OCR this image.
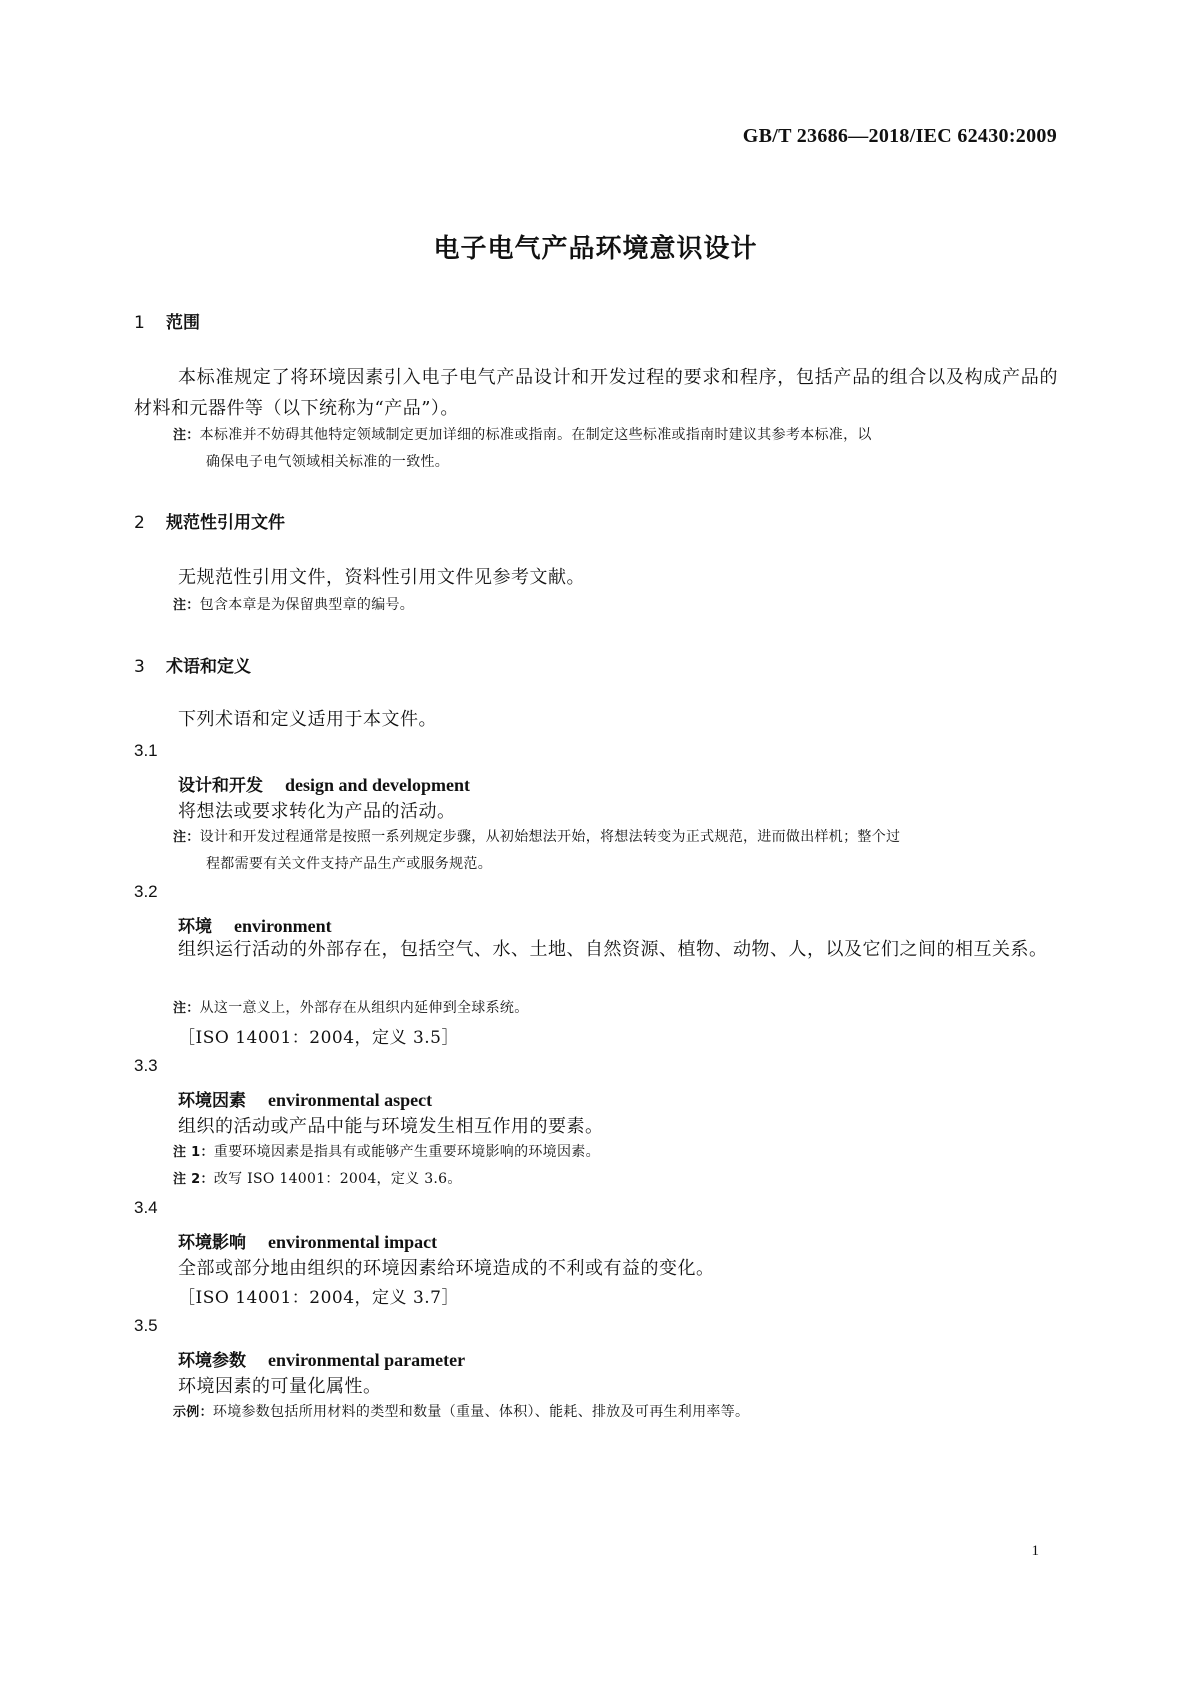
GB/T 23686—2018/IEC 62430:2009
电子电气产品环境意识设计
1 范围
本标准规定了将环境因素引入电子电气产品设计和开发过程的要求和程序，包括产品的组合以及构成产品的材料和元器件等（以下统称为“产品”）。
注：本标准并不妨碍其他特定领域制定更加详细的标准或指南。在制定这些标准或指南时建议其参考本标准，以
确保电子电气领域相关标准的一致性。
2 规范性引用文件
无规范性引用文件，资料性引用文件见参考文献。
注：包含本章是为保留典型章的编号。
3 术语和定义
下列术语和定义适用于本文件。
3.1
设计和开发 design and development
将想法或要求转化为产品的活动。
注：设计和开发过程通常是按照一系列规定步骤，从初始想法开始，将想法转变为正式规范，进而做出样机；整个过
程都需要有关文件支持产品生产或服务规范。
3.2
环境 environment
组织运行活动的外部存在，包括空气、水、土地、自然资源、植物、动物、人，以及它们之间的相互关系。
注：从这一意义上，外部存在从组织内延伸到全球系统。
［ISO 14001：2004，定义 3.5］
3.3
环境因素 environmental aspect
组织的活动或产品中能与环境发生相互作用的要素。
注 1：重要环境因素是指具有或能够产生重要环境影响的环境因素。
注 2：改写 ISO 14001：2004，定义 3.6。
3.4
环境影响 environmental impact
全部或部分地由组织的环境因素给环境造成的不利或有益的变化。
［ISO 14001：2004，定义 3.7］
3.5
环境参数 environmental parameter
环境因素的可量化属性。
示例：环境参数包括所用材料的类型和数量（重量、体积）、能耗、排放及可再生利用率等。
1
